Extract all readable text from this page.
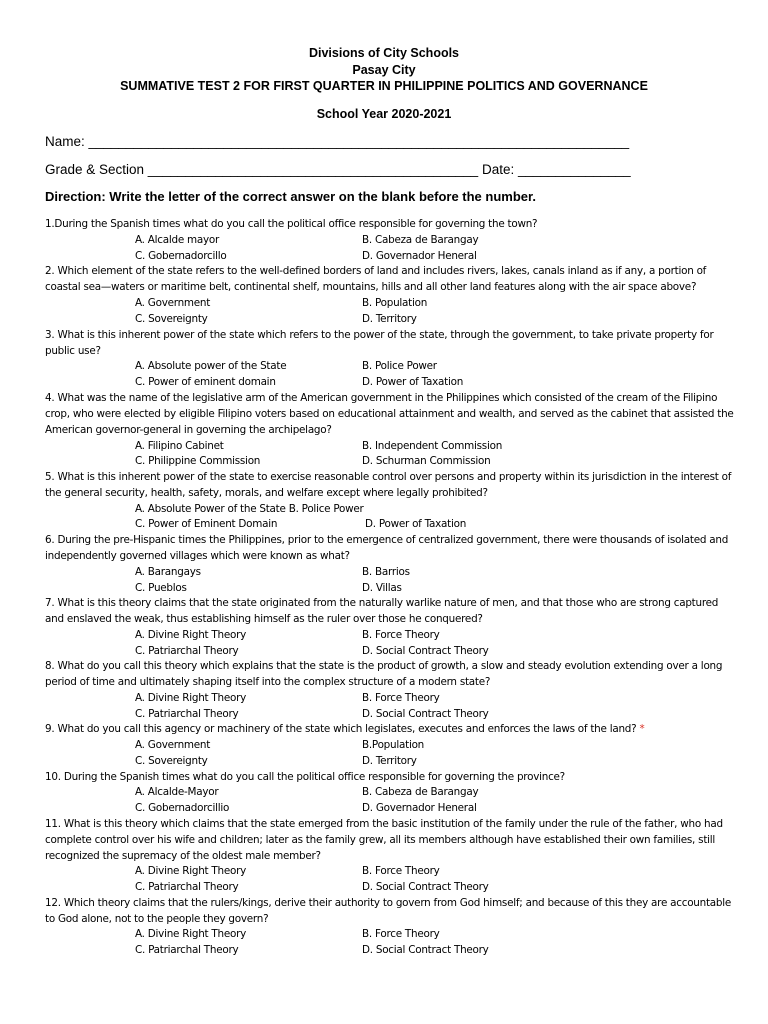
Divisions of City Schools
Pasay City
SUMMATIVE TEST 2 FOR FIRST QUARTER IN PHILIPPINE POLITICS AND GOVERNANCE
School Year 2020-2021
Name: ________________________________________________________________________
Grade & Section ____________________________________________ Date: _______________
Direction: Write the letter of the correct answer on the blank before the number.
1.During the Spanish times what do you call the political office responsible for governing the town?
A. Alcalde mayor	B. Cabeza de Barangay
C. Gobernadorcillo	D. Governador Heneral
2. Which element of the state refers to the well-defined borders of land and includes rivers, lakes, canals inland as if any, a portion of coastal sea—waters or maritime belt, continental shelf, mountains, hills and all other land features along with the air space above?
A. Government	B. Population
C. Sovereignty	D. Territory
3. What is this inherent power of the state which refers to the power of the state, through the government, to take private property for public use?
A. Absolute power of the State	B. Police Power
C. Power of eminent domain	D. Power of Taxation
4. What was the name of the legislative arm of the American government in the Philippines which consisted of the cream of the Filipino crop, who were elected by eligible Filipino voters based on educational attainment and wealth, and served as the cabinet that assisted the American governor-general in governing the archipelago?
A. Filipino Cabinet	B. Independent Commission
C. Philippine Commission	D. Schurman Commission
5. What is this inherent power of the state to exercise reasonable control over persons and property within its jurisdiction in the interest of the general security, health, safety, morals, and welfare except where legally prohibited?
A. Absolute Power of the State B. Police Power
C. Power of Eminent Domain	D. Power of Taxation
6. During the pre-Hispanic times the Philippines, prior to the emergence of centralized government, there were thousands of isolated and independently governed villages which were known as what?
A. Barangays	B. Barrios
C. Pueblos	D. Villas
7. What is this theory claims that the state originated from the naturally warlike nature of men, and that those who are strong captured and enslaved the weak, thus establishing himself as the ruler over those he conquered?
A. Divine Right Theory	B. Force Theory
C. Patriarchal Theory	D. Social Contract Theory
8. What do you call this theory which explains that the state is the product of growth, a slow and steady evolution extending over a long period of time and ultimately shaping itself into the complex structure of a modern state?
A. Divine Right Theory	B. Force Theory
C. Patriarchal Theory	D. Social Contract Theory
9. What do you call this agency or machinery of the state which legislates, executes and enforces the laws of the land? *
A. Government	B.Population
C. Sovereignty	D. Territory
10. During the Spanish times what do you call the political office responsible for governing the province?
A. Alcalde-Mayor	B. Cabeza de Barangay
C. Gobernadorcillio	D. Governador Heneral
11. What is this theory which claims that the state emerged from the basic institution of the family under the rule of the father, who had complete control over his wife and children; later as the family grew, all its members although have established their own families, still recognized the supremacy of the oldest male member?
A. Divine Right Theory	B. Force Theory
C. Patriarchal Theory	D. Social Contract Theory
12. Which theory claims that the rulers/kings, derive their authority to govern from God himself; and because of this they are accountable to God alone, not to the people they govern?
A. Divine Right Theory	B. Force Theory
C. Patriarchal Theory	D. Social Contract Theory
